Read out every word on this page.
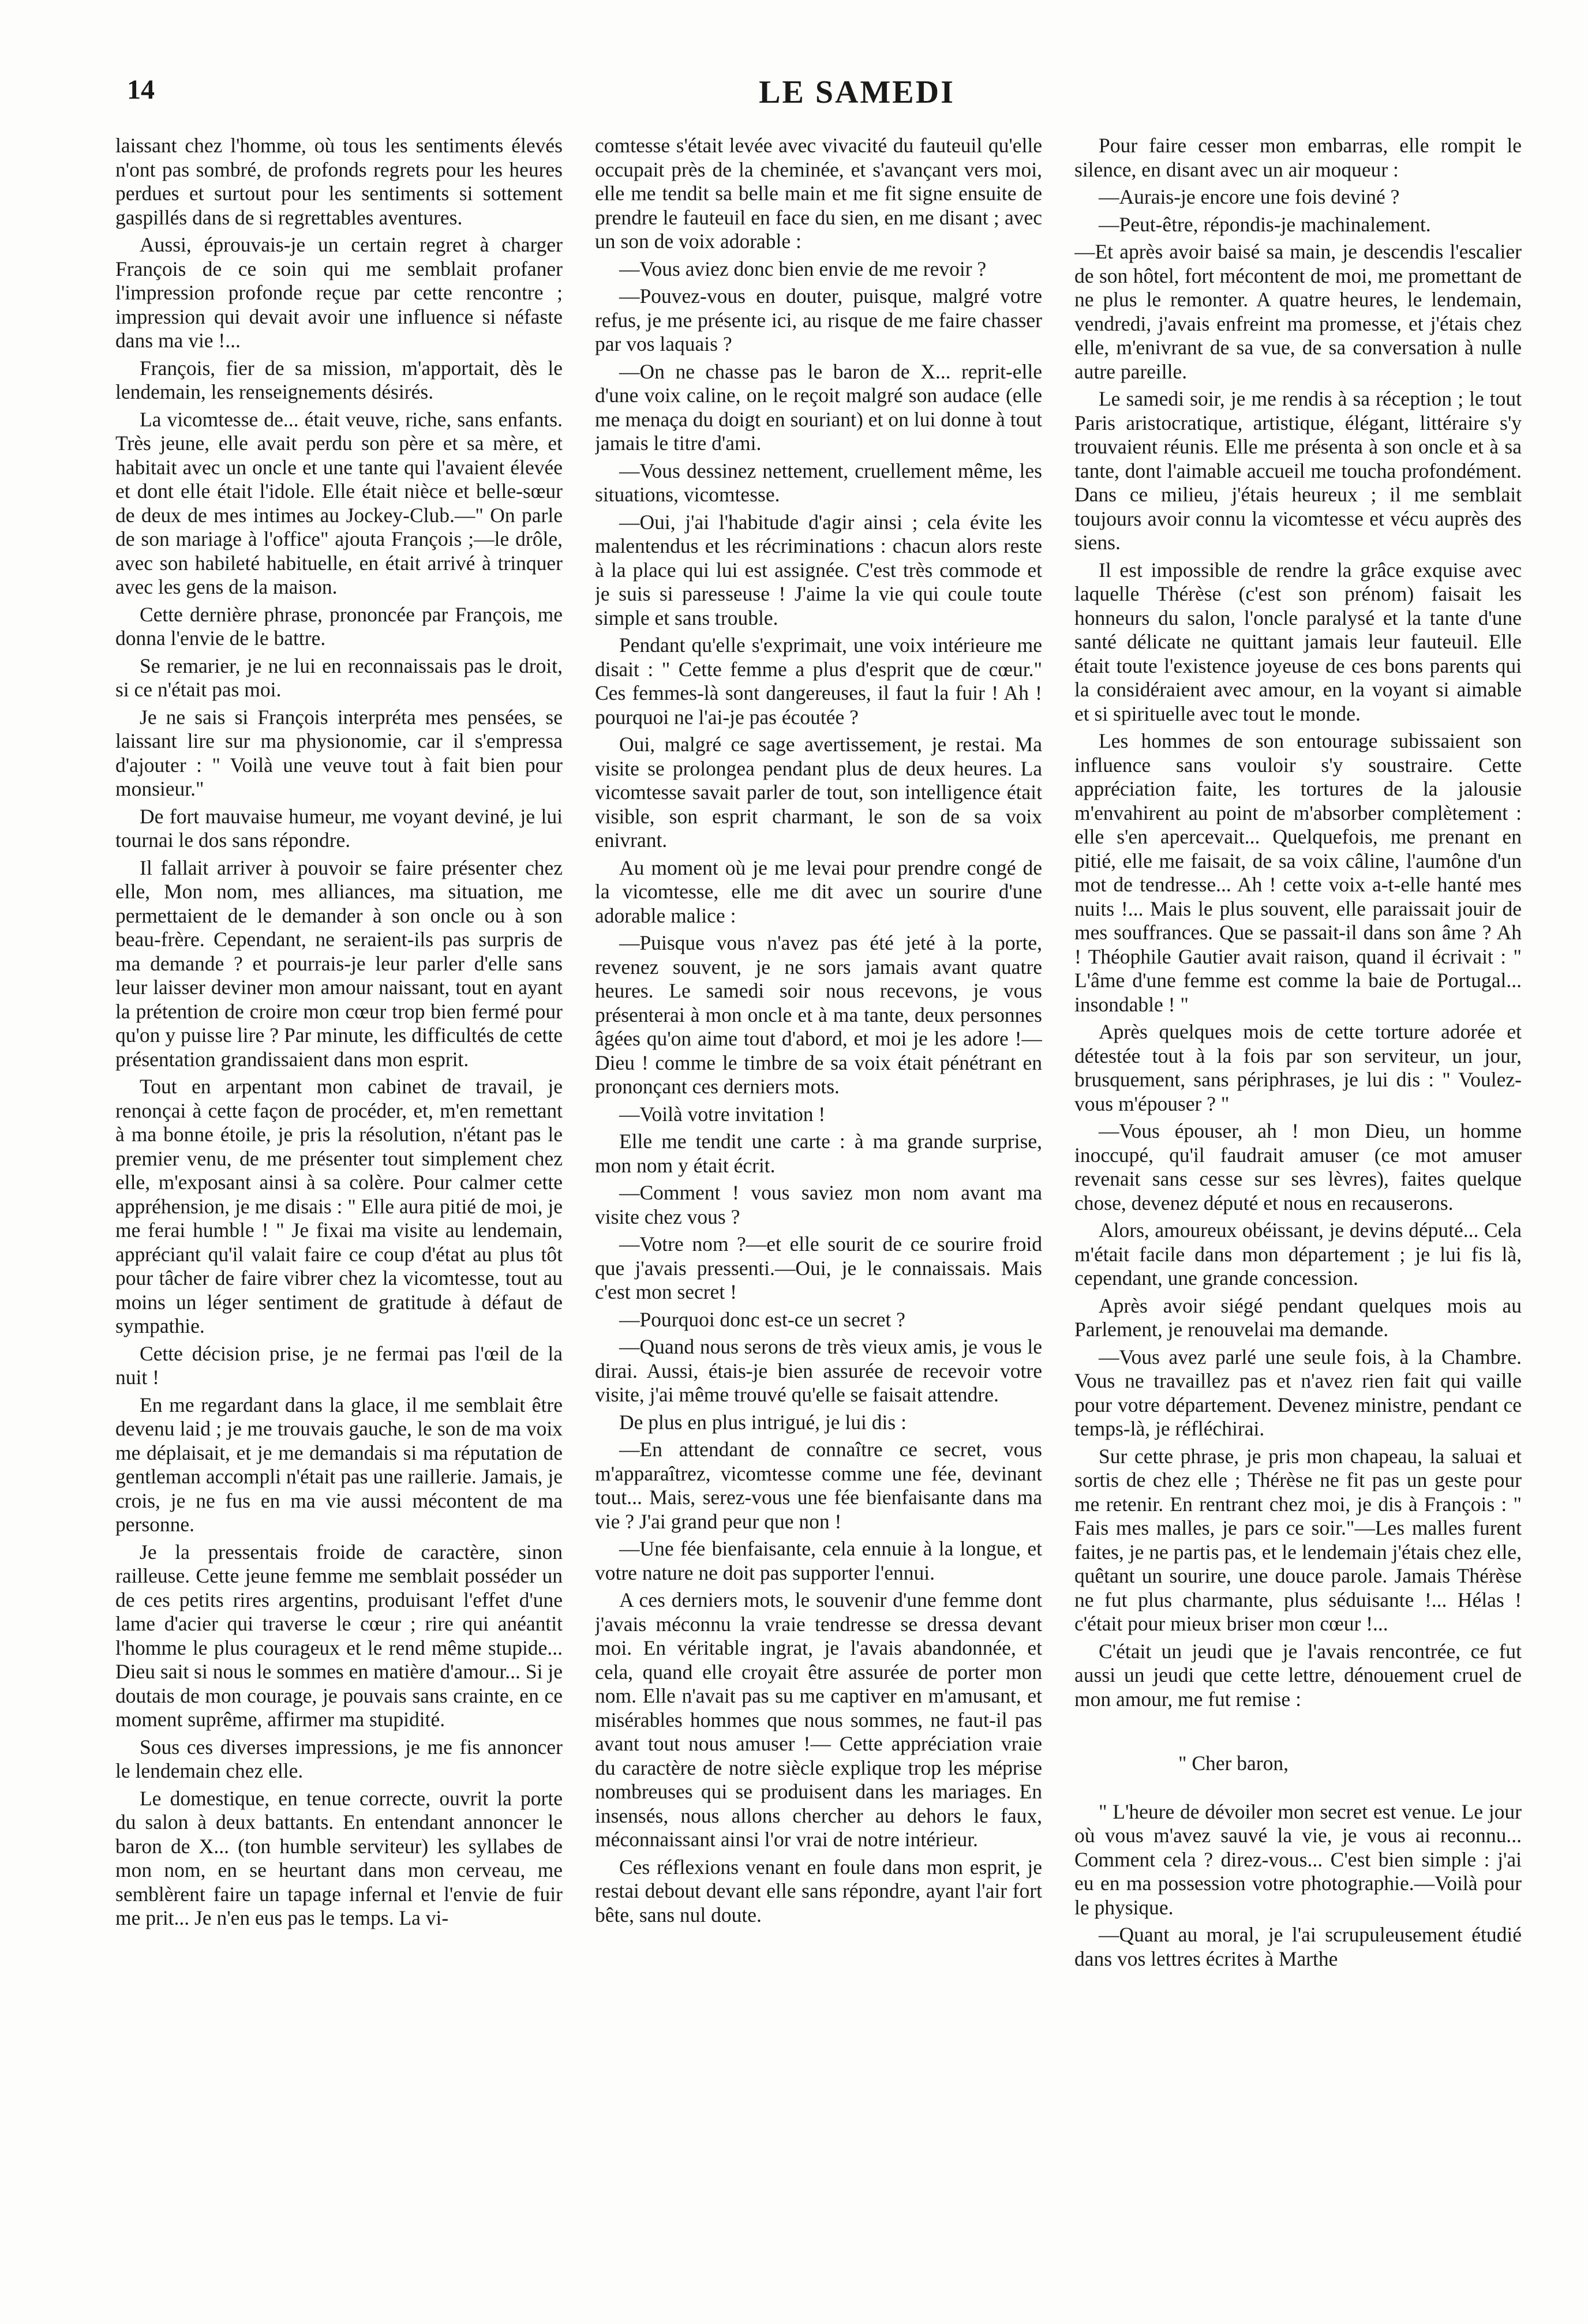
LE SAMEDI
14

laissant chez l'homme, où tous les sentiments élevés n'ont pas sombré, de profonds regrets pour les heures perdues et surtout pour les sentiments si sottement gaspillés dans de si regrettables aventures.

Aussi, éprouvais-je un certain regret à charger François de ce soin qui me semblait profaner l'impression profonde reçue par cette rencontre ; impression qui devait avoir une influence si néfaste dans ma vie !...

François, fier de sa mission, m'apportait, dès le lendemain, les renseignements désirés.

La vicomtesse de... était veuve, riche, sans enfants. Très jeune, elle avait perdu son père et sa mère, et habitait avec un oncle et une tante qui l'avaient élevée et dont elle était l'idole. Elle était nièce et belle-sœur de deux de mes intimes au Jockey-Club.—" On parle de son mariage à l'office" ajouta François ;—le drôle, avec son habileté habituelle, en était arrivé à trinquer avec les gens de la maison.

Cette dernière phrase, prononcée par François, me donna l'envie de le battre.

Se remarier, je ne lui en reconnaissais pas le droit, si ce n'était pas moi.

Je ne sais si François interpréta mes pensées, se laissant lire sur ma physionomie, car il s'empressa d'ajouter : " Voilà une veuve tout à fait bien pour monsieur."

De fort mauvaise humeur, me voyant deviné, je lui tournai le dos sans répondre.

Il fallait arriver à pouvoir se faire présenter chez elle, Mon nom, mes alliances, ma situation, me permettaient de le demander à son oncle ou à son beau-frère. Cependant, ne seraient-ils pas surpris de ma demande ? et pourrais-je leur parler d'elle sans leur laisser deviner mon amour naissant, tout en ayant la prétention de croire mon cœur trop bien fermé pour qu'on y puisse lire ? Par minute, les difficultés de cette présentation grandissaient dans mon esprit.

Tout en arpentant mon cabinet de travail, je renonçai à cette façon de procéder, et, m'en remettant à ma bonne étoile, je pris la résolution, n'étant pas le premier venu, de me présenter tout simplement chez elle, m'exposant ainsi à sa colère. Pour calmer cette appréhension, je me disais : " Elle aura pitié de moi, je me ferai humble ! " Je fixai ma visite au lendemain, appréciant qu'il valait faire ce coup d'état au plus tôt pour tâcher de faire vibrer chez la vicomtesse, tout au moins un léger sentiment de gratitude à défaut de sympathie.

Cette décision prise, je ne fermai pas l'œil de la nuit !

En me regardant dans la glace, il me semblait être devenu laid ; je me trouvais gauche, le son de ma voix me déplaisait, et je me demandais si ma réputation de gentleman accompli n'était pas une raillerie. Jamais, je crois, je ne fus en ma vie aussi mécontent de ma personne.

Je la pressentais froide de caractère, sinon railleuse. Cette jeune femme me semblait posséder un de ces petits rires argentins, produisant l'effet d'une lame d'acier qui traverse le cœur ; rire qui anéantit l'homme le plus courageux et le rend même stupide... Dieu sait si nous le sommes en matière d'amour... Si je doutais de mon courage, je pouvais sans crainte, en ce moment suprême, affirmer ma stupidité.

Sous ces diverses impressions, je me fis annoncer le lendemain chez elle.

Le domestique, en tenue correcte, ouvrit la porte du salon à deux battants. En entendant annoncer le baron de X... (ton humble serviteur) les syllabes de mon nom, en se heurtant dans mon cerveau, me semblèrent faire un tapage infernal et l'envie de fuir me prit... Je n'en eus pas le temps. La vi-

comtesse s'était levée avec vivacité du fauteuil qu'elle occupait près de la cheminée, et s'avançant vers moi, elle me tendit sa belle main et me fit signe ensuite de prendre le fauteuil en face du sien, en me disant ; avec un son de voix adorable :

—Vous aviez donc bien envie de me revoir ?

—Pouvez-vous en douter, puisque, malgré votre refus, je me présente ici, au risque de me faire chasser par vos laquais ?

—On ne chasse pas le baron de X... reprit-elle d'une voix caline, on le reçoit malgré son audace (elle me menaça du doigt en souriant) et on lui donne à tout jamais le titre d'ami.

—Vous dessinez nettement, cruellement même, les situations, vicomtesse.

—Oui, j'ai l'habitude d'agir ainsi ; cela évite les malentendus et les récriminations : chacun alors reste à la place qui lui est assignée. C'est très commode et je suis si paresseuse ! J'aime la vie qui coule toute simple et sans trouble.

Pendant qu'elle s'exprimait, une voix intérieure me disait : " Cette femme a plus d'esprit que de cœur." Ces femmes-là sont dangereuses, il faut la fuir ! Ah ! pourquoi ne l'ai-je pas écoutée ?

Oui, malgré ce sage avertissement, je restai. Ma visite se prolongea pendant plus de deux heures. La vicomtesse savait parler de tout, son intelligence était visible, son esprit charmant, le son de sa voix enivrant.

Au moment où je me levai pour prendre congé de la vicomtesse, elle me dit avec un sourire d'une adorable malice :

—Puisque vous n'avez pas été jeté à la porte, revenez souvent, je ne sors jamais avant quatre heures. Le samedi soir nous recevons, je vous présenterai à mon oncle et à ma tante, deux personnes âgées qu'on aime tout d'abord, et moi je les adore !—Dieu ! comme le timbre de sa voix était pénétrant en prononçant ces derniers mots.

—Voilà votre invitation !

Elle me tendit une carte : à ma grande surprise, mon nom y était écrit.

—Comment ! vous saviez mon nom avant ma visite chez vous ?

—Votre nom ?—et elle sourit de ce sourire froid que j'avais pressenti.—Oui, je le connaissais. Mais c'est mon secret !

—Pourquoi donc est-ce un secret ?

—Quand nous serons de très vieux amis, je vous le dirai. Aussi, étais-je bien assurée de recevoir votre visite, j'ai même trouvé qu'elle se faisait attendre.

De plus en plus intrigué, je lui dis :

—En attendant de connaître ce secret, vous m'apparaîtrez, vicomtesse comme une fée, devinant tout... Mais, serez-vous une fée bienfaisante dans ma vie ? J'ai grand peur que non !

—Une fée bienfaisante, cela ennuie à la longue, et votre nature ne doit pas supporter l'ennui.

A ces derniers mots, le souvenir d'une femme dont j'avais méconnu la vraie tendresse se dressa devant moi. En véritable ingrat, je l'avais abandonnée, et cela, quand elle croyait être assurée de porter mon nom. Elle n'avait pas su me captiver en m'amusant, et misérables hommes que nous sommes, ne faut-il pas avant tout nous amuser !— Cette appréciation vraie du caractère de notre siècle explique trop les méprise nombreuses qui se produisent dans les mariages. En insensés, nous allons chercher au dehors le faux, méconnaissant ainsi l'or vrai de notre intérieur.

Ces réflexions venant en foule dans mon esprit, je restai debout devant elle sans répondre, ayant l'air fort bête, sans nul doute.

Pour faire cesser mon embarras, elle rompit le silence, en disant avec un air moqueur :

—Aurais-je encore une fois deviné ?

—Peut-être, répondis-je machinalement.

—Et après avoir baisé sa main, je descendis l'escalier de son hôtel, fort mécontent de moi, me promettant de ne plus le remonter. A quatre heures, le lendemain, vendredi, j'avais enfreint ma promesse, et j'étais chez elle, m'enivrant de sa vue, de sa conversation à nulle autre pareille.

Le samedi soir, je me rendis à sa réception ; le tout Paris aristocratique, artistique, élégant, littéraire s'y trouvaient réunis. Elle me présenta à son oncle et à sa tante, dont l'aimable accueil me toucha profondément. Dans ce milieu, j'étais heureux ; il me semblait toujours avoir connu la vicomtesse et vécu auprès des siens.

Il est impossible de rendre la grâce exquise avec laquelle Thérèse (c'est son prénom) faisait les honneurs du salon, l'oncle paralysé et la tante d'une santé délicate ne quittant jamais leur fauteuil. Elle était toute l'existence joyeuse de ces bons parents qui la considéraient avec amour, en la voyant si aimable et si spirituelle avec tout le monde.

Les hommes de son entourage subissaient son influence sans vouloir s'y soustraire. Cette appréciation faite, les tortures de la jalousie m'envahirent au point de m'absorber complètement : elle s'en apercevait... Quelquefois, me prenant en pitié, elle me faisait, de sa voix câline, l'aumône d'un mot de tendresse... Ah ! cette voix a-t-elle hanté mes nuits !... Mais le plus souvent, elle paraissait jouir de mes souffrances. Que se passait-il dans son âme ? Ah ! Théophile Gautier avait raison, quand il écrivait : " L'âme d'une femme est comme la baie de Portugal... insondable ! "

Après quelques mois de cette torture adorée et détestée tout à la fois par son serviteur, un jour, brusquement, sans périphrases, je lui dis : " Voulez-vous m'épouser ? "

—Vous épouser, ah ! mon Dieu, un homme inoccupé, qu'il faudrait amuser (ce mot amuser revenait sans cesse sur ses lèvres), faites quelque chose, devenez député et nous en recauserons.

Alors, amoureux obéissant, je devins député... Cela m'était facile dans mon département ; je lui fis là, cependant, une grande concession.

Après avoir siégé pendant quelques mois au Parlement, je renouvelai ma demande.

—Vous avez parlé une seule fois, à la Chambre. Vous ne travaillez pas et n'avez rien fait qui vaille pour votre département. Devenez ministre, pendant ce temps-là, je réfléchirai.

Sur cette phrase, je pris mon chapeau, la saluai et sortis de chez elle ; Thérèse ne fit pas un geste pour me retenir. En rentrant chez moi, je dis à François : " Fais mes malles, je pars ce soir."—Les malles furent faites, je ne partis pas, et le lendemain j'étais chez elle, quêtant un sourire, une douce parole. Jamais Thérèse ne fut plus charmante, plus séduisante !... Hélas ! c'était pour mieux briser mon cœur !...

C'était un jeudi que je l'avais rencontrée, ce fut aussi un jeudi que cette lettre, dénouement cruel de mon amour, me fut remise :

" Cher baron,

" L'heure de dévoiler mon secret est venue. Le jour où vous m'avez sauvé la vie, je vous ai reconnu... Comment cela ? direz-vous... C'est bien simple : j'ai eu en ma possession votre photographie.—Voilà pour le physique.

—Quant au moral, je l'ai scrupuleusement étudié dans vos lettres écrites à Marthe
